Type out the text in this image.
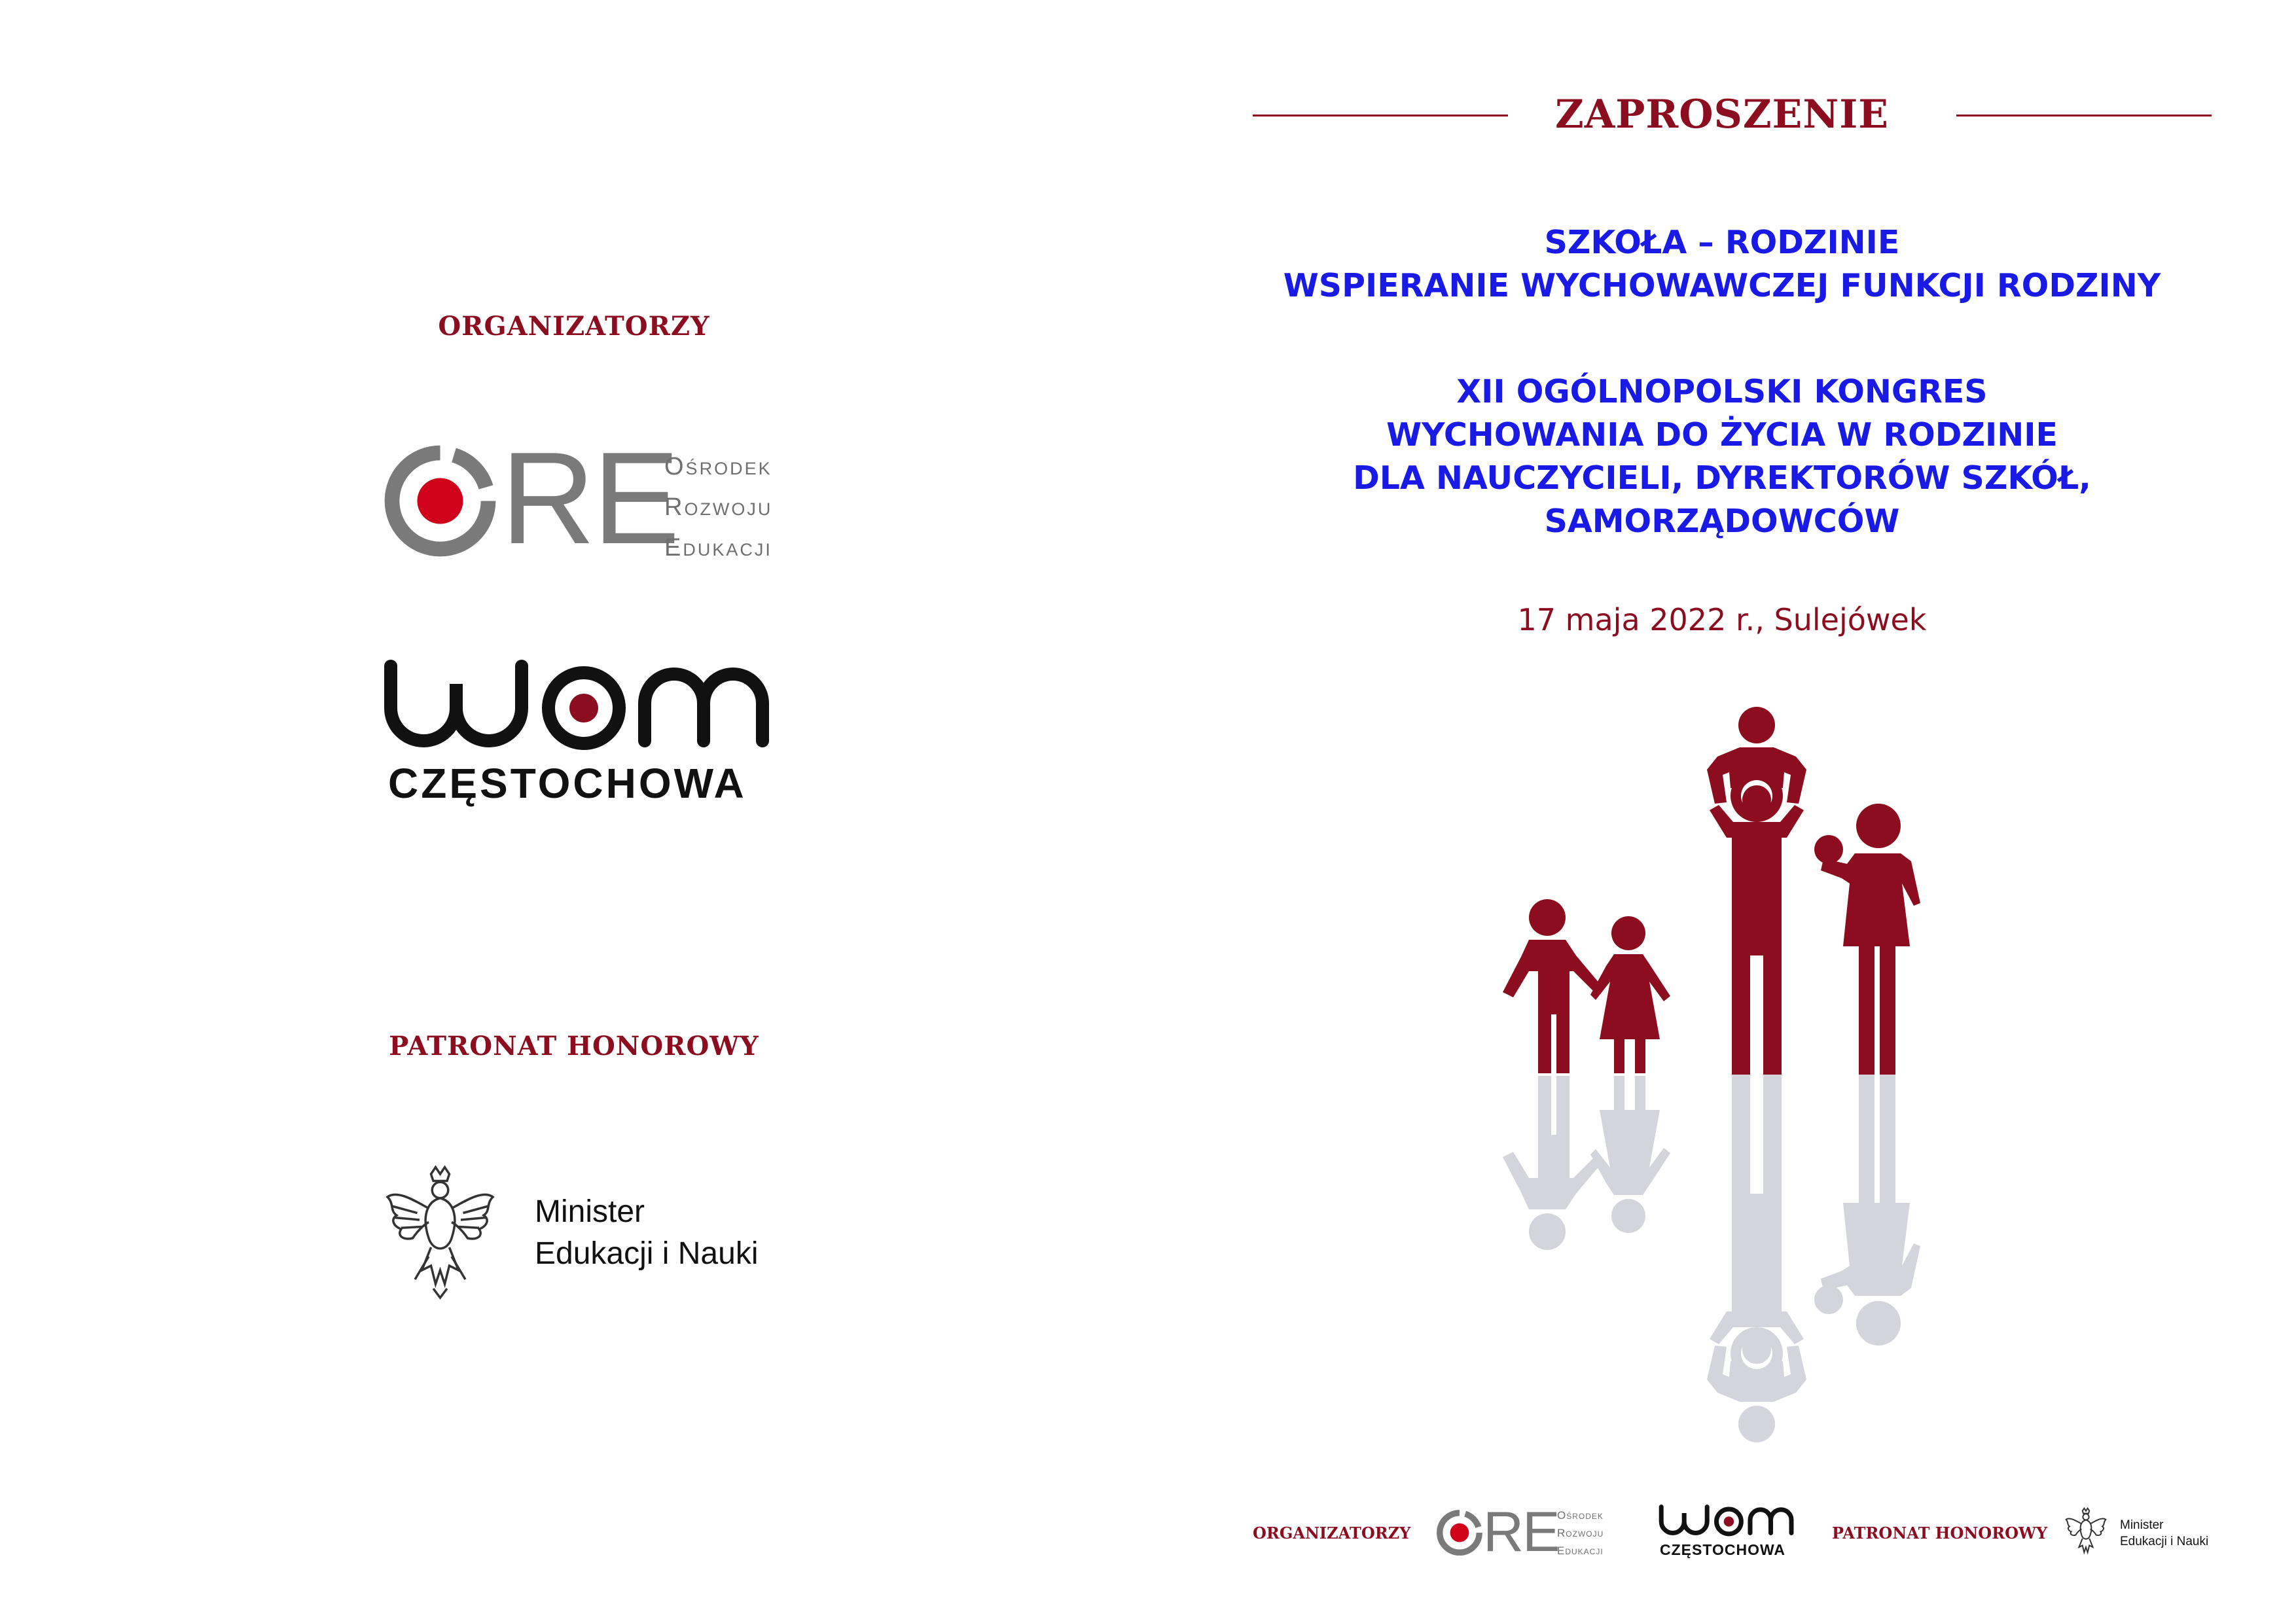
ORGANIZATORZY
RE
Ośrodek
Rozwoju
Edukacji
CZĘSTOCHOWA
PATRONAT HONOROWY
Minister
Edukacji i Nauki
ZAPROSZENIE
SZKOŁA – RODZINIE
WSPIERANIE WYCHOWAWCZEJ FUNKCJI RODZINY
XII OGÓLNOPOLSKI KONGRES
WYCHOWANIA DO ŻYCIA W RODZINIE
DLA NAUCZYCIELI, DYREKTORÓW SZKÓŁ,
SAMORZĄDOWCÓW
17 maja 2022 r., Sulejówek
ORGANIZATORZY RE
Ośrodek
Rozwoju
Edukacji	CZĘSTOCHOWA
PATRONAT HONOROWY	Minister
Edukacji i Nauki
